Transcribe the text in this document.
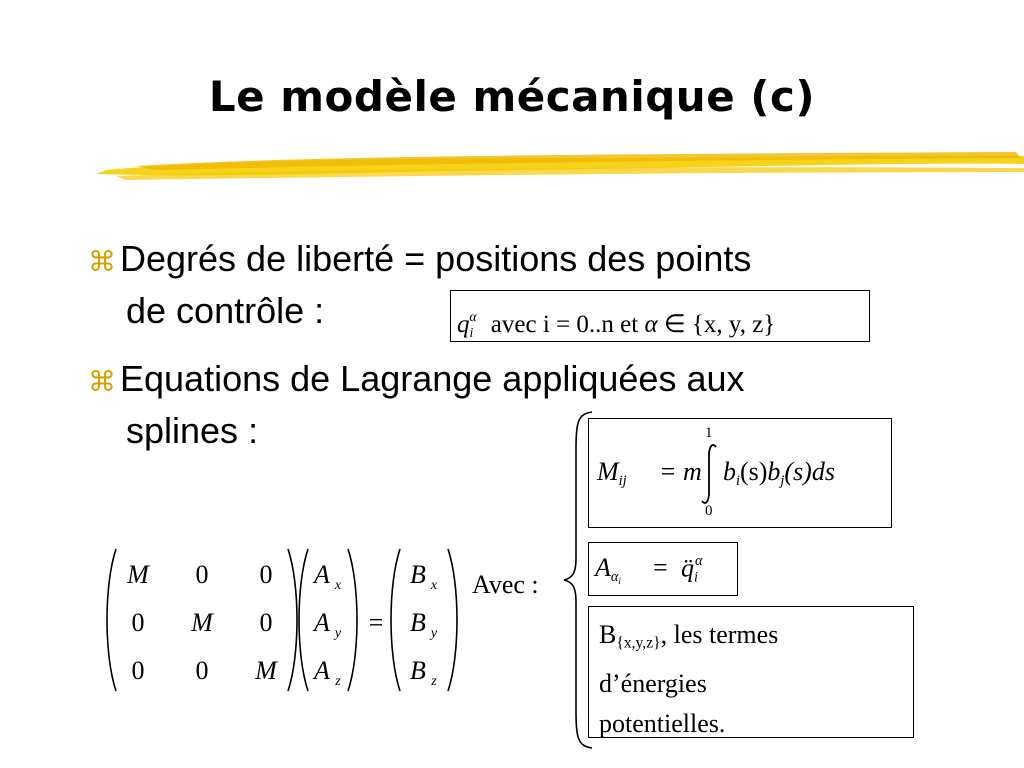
Le modèle mécanique (c)
⌘ Degrés de liberté = positions des points
de contrôle :	$q_i^\alpha$ avec i = 0..n et α ∈ {x, y, z}
⌘ Equations de Lagrange appliquées aux
splines :
$M_{ij} = m$
1
0
$b_i(s)b_j(s)ds$
$A_{\alpha i}$ = $q̈_i^\alpha$
Avec :
B{x,y,z}, les termes
d’énergies
potentielles.
M 0 0
0 M 0
0 0 M
A x
A y
A z
=
B x
B y
B z
